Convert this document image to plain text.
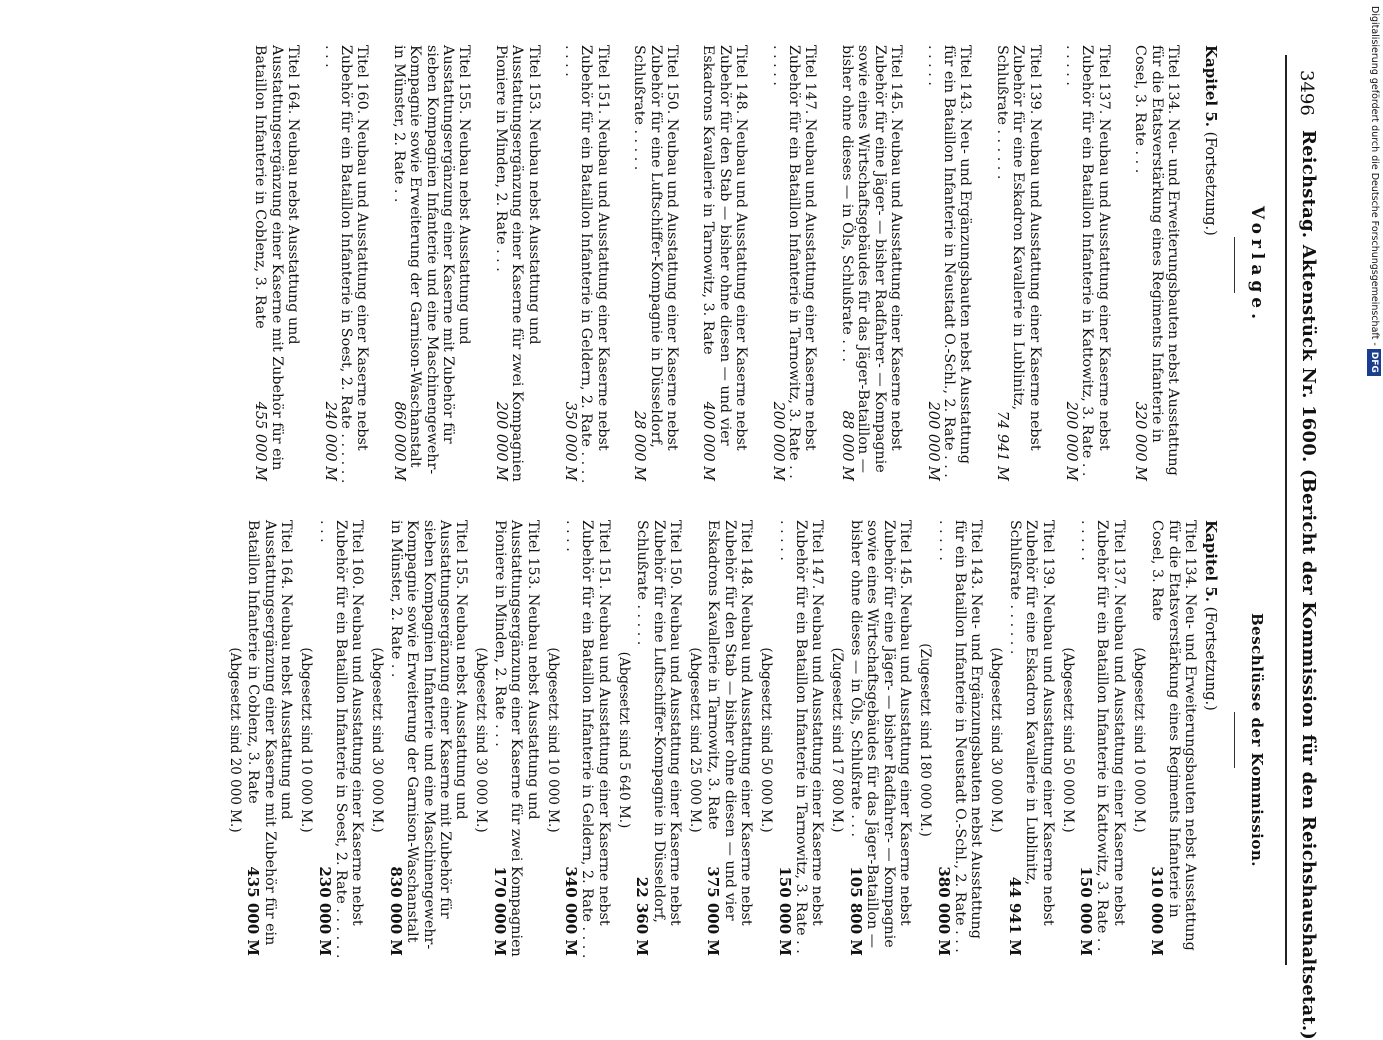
3496
Reichstag. Aktenstück Nr. 1600. (Bericht der Kommission für den Reichshaushaltsetat.)
Vorlage.
Kapitel 5. (Fortsetzung.)
Titel 134. Neu- und Erweiterungsbauten nebst Ausstattung für die Etatsverstärkung eines Regiments Infanterie in Cosel, 3. Rate . . .
320 000 M
Titel 137. Neubau und Ausstattung einer Kaserne nebst Zubehör für ein Bataillon Infanterie in Kattowitz, 3. Rate . . . . . . .
200 000 M
Titel 139. Neubau und Ausstattung einer Kaserne nebst Zubehör für eine Eskadron Kavallerie in Lublinitz, Schlußrate . . . . . .
74 941 M
Titel 143. Neu- und Ergänzungsbauten nebst Ausstattung für ein Bataillon Infanterie in Neustadt O.-Schl., 2. Rate . . . . . . . .
200 000 M
Titel 145. Neubau und Ausstattung einer Kaserne nebst Zubehör für eine Jäger- — bisher Radfahrer- — Kompagnie sowie eines Wirtschaftsgebäudes für das Jäger-Bataillon — bisher ohne dieses — in Öls, Schlußrate . . .
88 000 M
Titel 147. Neubau und Ausstattung einer Kaserne nebst Zubehör für ein Bataillon Infanterie in Tarnowitz, 3. Rate . . . . . . .
200 000 M
Titel 148. Neubau und Ausstattung einer Kaserne nebst Zubehör für den Stab — bisher ohne diesen — und vier Eskadrons Kavallerie in Tarnowitz, 3. Rate
400 000 M
Titel 150. Neubau und Ausstattung einer Kaserne nebst Zubehör für eine Luftschiffer-Kompagnie in Düsseldorf, Schlußrate . . . . .
28 000 M
Titel 151. Neubau und Ausstattung einer Kaserne nebst Zubehör für ein Bataillon Infanterie in Geldern, 2. Rate . . . . . . . .
350 000 M
Titel 153. Neubau nebst Ausstattung und Ausstattungsergänzung einer Kaserne für zwei Kompagnien Pioniere in Minden, 2. Rate . . .
200 000 M
Titel 155. Neubau nebst Ausstattung und Ausstattungsergänzung einer Kaserne mit Zubehör für sieben Kompagnien Infanterie und eine Maschinengewehr-Kompagnie sowie Erweiterung der Garnison-Waschanstalt in Münster, 2. Rate . .
860 000 M
Titel 160. Neubau und Ausstattung einer Kaserne nebst Zubehör für ein Bataillon Infanterie in Soest, 2. Rate . . . . . . . . .
240 000 M
Titel 164. Neubau nebst Ausstattung und Ausstattungsergänzung einer Kaserne mit Zubehör für ein Bataillon Infanterie in Coblenz, 3. Rate
455 000 M
Beschlüsse der Kommission.
Kapitel 5. (Fortsetzung.)
Titel 134. Neu- und Erweiterungsbauten nebst Ausstattung für die Etatsverstärkung eines Regiments Infanterie in Cosel, 3. Rate
310 000 M
(Abgesetzt sind 10 000 M.)
Titel 137. Neubau und Ausstattung einer Kaserne nebst Zubehör für ein Bataillon Infanterie in Kattowitz, 3. Rate . . . . . . .
150 000 M
(Abgesetzt sind 50 000 M.)
Titel 139. Neubau und Ausstattung einer Kaserne nebst Zubehör für eine Eskadron Kavallerie in Lublinitz, Schlußrate . . . . . .
44 941 M
(Abgesetzt sind 30 000 M.)
Titel 143. Neu- und Ergänzungsbauten nebst Ausstattung für ein Bataillon Infanterie in Neustadt O.-Schl., 2. Rate . . . . . . . .
380 000 M
(Zugesetzt sind 180 000 M.)
Titel 145. Neubau und Ausstattung einer Kaserne nebst Zubehör für eine Jäger- — bisher Radfahrer- — Kompagnie sowie eines Wirtschaftsgebäudes für das Jäger-Bataillon — bisher ohne dieses — in Öls, Schlußrate . . .
105 800 M
(Zugesetzt sind 17 800 M.)
Titel 147. Neubau und Ausstattung einer Kaserne nebst Zubehör für ein Bataillon Infanterie in Tarnowitz, 3. Rate . . . . . . .
150 000 M
(Abgesetzt sind 50 000 M.)
Titel 148. Neubau und Ausstattung einer Kaserne nebst Zubehör für den Stab — bisher ohne diesen — und vier Eskadrons Kavallerie in Tarnowitz, 3. Rate
375 000 M
(Abgesetzt sind 25 000 M.)
Titel 150. Neubau und Ausstattung einer Kaserne nebst Zubehör für eine Luftschiffer-Kompagnie in Düsseldorf, Schlußrate . . . . .
22 360 M
(Abgesetzt sind 5 640 M.)
Titel 151. Neubau und Ausstattung einer Kaserne nebst Zubehör für ein Bataillon Infanterie in Geldern, 2. Rate . . . . . . . .
340 000 M
(Abgesetzt sind 10 000 M.)
Titel 153. Neubau nebst Ausstattung und Ausstattungsergänzung einer Kaserne für zwei Kompagnien Pioniere in Minden, 2. Rate . . .
170 000 M
(Abgesetzt sind 30 000 M.)
Titel 155. Neubau nebst Ausstattung und Ausstattungsergänzung einer Kaserne mit Zubehör für sieben Kompagnien Infanterie und eine Maschinengewehr-Kompagnie sowie Erweiterung der Garnison-Waschanstalt in Münster, 2. Rate . .
830 000 M
(Abgesetzt sind 30 000 M.)
Titel 160. Neubau und Ausstattung einer Kaserne nebst Zubehör für ein Bataillon Infanterie in Soest, 2. Rate . . . . . . . . .
230 000 M
(Abgesetzt sind 10 000 M.)
Titel 164. Neubau nebst Ausstattung und Ausstattungsergänzung einer Kaserne mit Zubehör für ein Bataillon Infanterie in Coblenz, 3. Rate
435 000 M
(Abgesetzt sind 20 000 M.)
Digitalisierung gefördert durch die Deutsche Forschungsgemeinschaft - DFG
